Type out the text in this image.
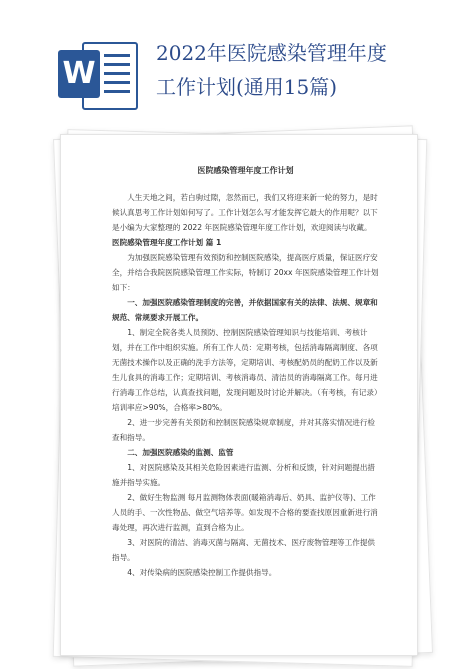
W
2022年医院感染管理年度
工作计划(通用15篇)
医院感染管理年度工作计划

人生天地之间，若白驹过隙，忽然而已，我们又将迎来新一轮的努力，是时候认真思考工作计划如何写了。工作计划怎么写才能发挥它最大的作用呢？以下是小编为大家整理的 2022 年医院感染管理年度工作计划，欢迎阅读与收藏。

医院感染管理年度工作计划 篇 1

为加强医院感染管理有效预防和控制医院感染，提高医疗质量，保证医疗安全，并结合我院医院感染管理工作实际，特制订 20xx 年医院感染管理工作计划如下：

一、加强医院感染管理制度的完善，并依据国家有关的法律、法规、规章和规范、常规要求开展工作。

1、制定全院各类人员预防、控制医院感染管理知识与技能培训、考核计划，并在工作中组织实施。所有工作人员：定期考核，包括消毒隔离制度、各项无菌技术操作以及正确的洗手方法等，定期培训、考核配奶员的配奶工作以及新生儿食具的消毒工作；定期培训、考核消毒员、清洁员的消毒隔离工作。每月进行消毒工作总结，认真查找问题，发现问题及时讨论并解决。（有考核，有记录）培训率应>90%，合格率>80%。

2、进一步完善有关预防和控制医院感染规章制度，并对其落实情况进行检查和指导。

二、加强医院感染的监测、监管

1、对医院感染及其相关危险因素进行监测、分析和反馈，针对问题提出措施并指导实施。

2、做好生物监测 每月监测物体表面(暖箱消毒后、奶具、监护仪等)、工作人员的手、一次性物品、做空气培养等。如发现不合格的要查找原因重新进行消毒处理，再次进行监测，直到合格为止。

3、对医院的清洁、消毒灭菌与隔离、无菌技术、医疗废物管理等工作提供指导。

4、对传染病的医院感染控制工作提供指导。
